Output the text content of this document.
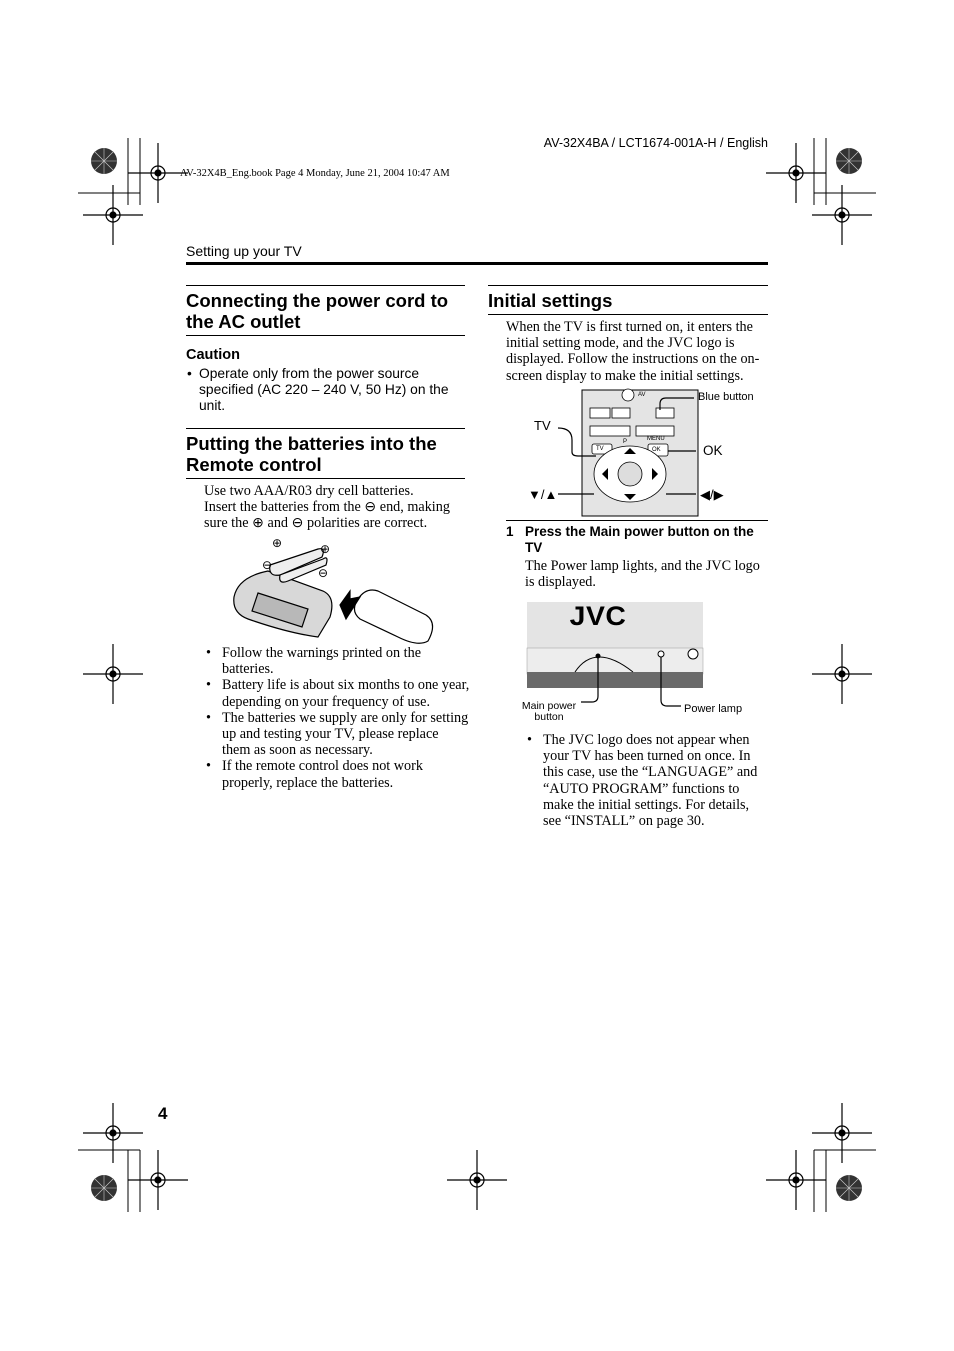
AV-32X4BA / LCT1674-001A-H / English
AV-32X4B_Eng.book Page 4 Monday, June 21, 2004 10:47 AM
Setting up your TV
Connecting the power cord to
the AC outlet
Caution
• Operate only from the power source
specified (AC 220 – 240 V, 50 Hz) on the
unit.
Putting the batteries into the
Remote control
Use two AAA/R03 dry cell batteries.
Insert the batteries from the ⊖ end, making
sure the ⊕ and ⊖ polarities are correct.
⊕	⊕
⊖
⊖
• Follow the warnings printed on the batteries.
• Battery life is about six months to one year, depending on your frequency of use.
• The batteries we supply are only for setting up and testing your TV, please replace them as soon as necessary.
• If the remote control does not work properly, replace the batteries.
Initial settings
When the TV is first turned on, it enters the initial setting mode, and the JVC logo is displayed. Follow the instructions on the on-screen display to make the initial settings.
TV
AV
MENU
OK
P
TV
Blue button
OK
▼/▲	◀/▶
1 Press the Main power button on the
TV
The Power lamp lights, and the JVC logo is displayed.
JVC
Main power
button
Power lamp
• The JVC logo does not appear when your TV has been turned on once. In this case, use the “LANGUAGE” and “AUTO PROGRAM” functions to make the initial settings. For details, see “INSTALL” on page 30.
4
